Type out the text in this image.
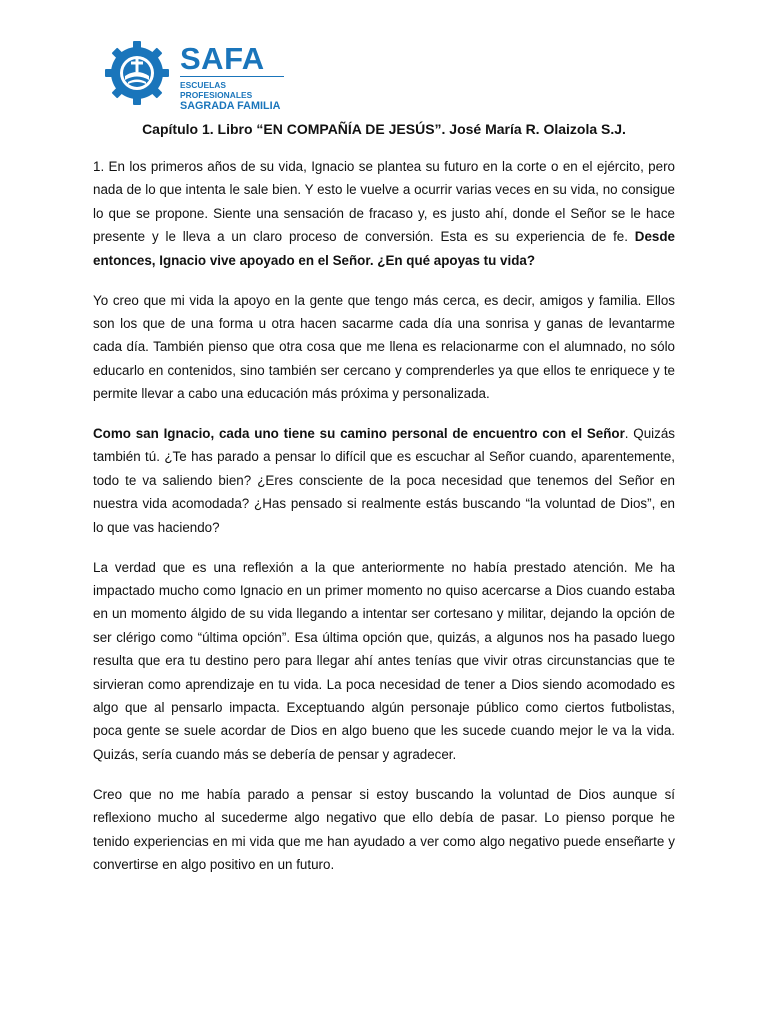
SAFA
ESCUELAS PROFESIONALES
SAGRADA FAMILIA
Capítulo 1. Libro “EN COMPAÑÍA DE JESÚS”. José María R. Olaizola S.J.

1. En los primeros años de su vida, Ignacio se plantea su futuro en la corte o en el ejército, pero nada de lo que intenta le sale bien. Y esto le vuelve a ocurrir varias veces en su vida, no consigue lo que se propone. Siente una sensación de fracaso y, es justo ahí, donde el Señor se le hace presente y le lleva a un claro proceso de conversión. Esta es su experiencia de fe. Desde entonces, Ignacio vive apoyado en el Señor. ¿En qué apoyas tu vida?

Yo creo que mi vida la apoyo en la gente que tengo más cerca, es decir, amigos y familia. Ellos son los que de una forma u otra hacen sacarme cada día una sonrisa y ganas de levantarme cada día. También pienso que otra cosa que me llena es relacionarme con el alumnado, no sólo educarlo en contenidos, sino también ser cercano y comprenderles ya que ellos te enriquece y te permite llevar a cabo una educación más próxima y personalizada.

Como san Ignacio, cada uno tiene su camino personal de encuentro con el Señor. Quizás también tú. ¿Te has parado a pensar lo difícil que es escuchar al Señor cuando, aparentemente, todo te va saliendo bien? ¿Eres consciente de la poca necesidad que tenemos del Señor en nuestra vida acomodada? ¿Has pensado si realmente estás buscando “la voluntad de Dios”, en lo que vas haciendo?

La verdad que es una reflexión a la que anteriormente no había prestado atención. Me ha impactado mucho como Ignacio en un primer momento no quiso acercarse a Dios cuando estaba en un momento álgido de su vida llegando a intentar ser cortesano y militar, dejando la opción de ser clérigo como “última opción”. Esa última opción que, quizás, a algunos nos ha pasado luego resulta que era tu destino pero para llegar ahí antes tenías que vivir otras circunstancias que te sirvieran como aprendizaje en tu vida. La poca necesidad de tener a Dios siendo acomodado es algo que al pensarlo impacta. Exceptuando algún personaje público como ciertos futbolistas, poca gente se suele acordar de Dios en algo bueno que les sucede cuando mejor le va la vida. Quizás, sería cuando más se debería de pensar y agradecer.

Creo que no me había parado a pensar si estoy buscando la voluntad de Dios aunque sí reflexiono mucho al sucederme algo negativo que ello debía de pasar. Lo pienso porque he tenido experiencias en mi vida que me han ayudado a ver como algo negativo puede enseñarte y convertirse en algo positivo en un futuro.
